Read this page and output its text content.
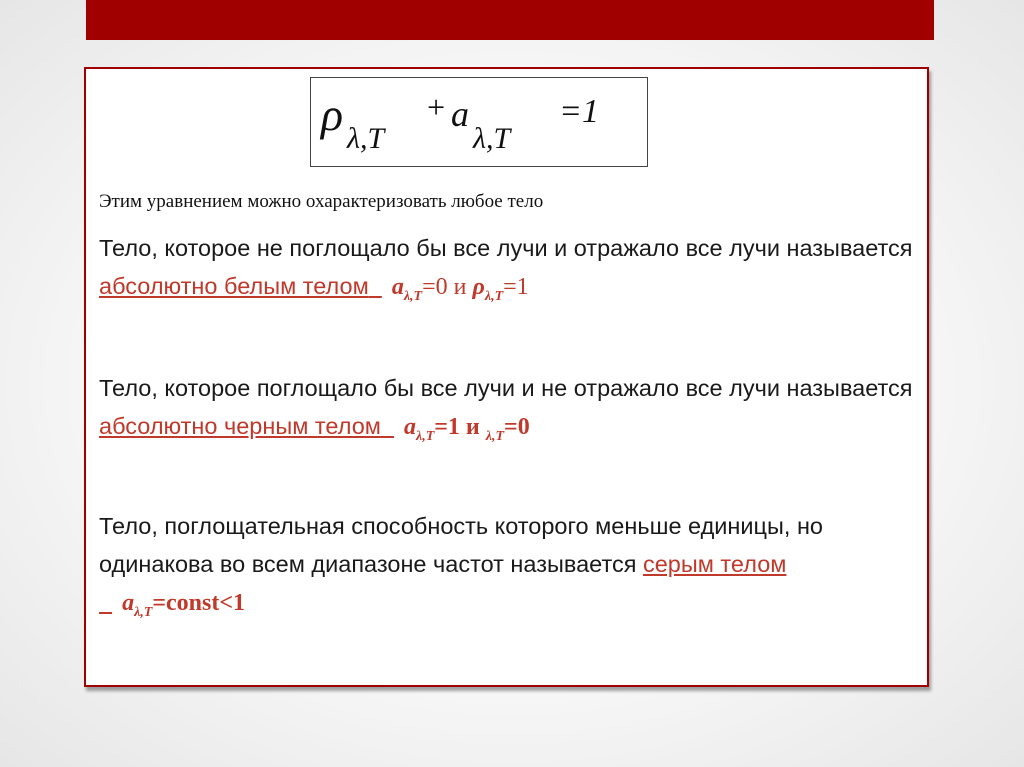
ρ λ,T
+ a
λ,T
=1
Этим уравнением можно охарактеризовать любое тело
Тело, которое не поглощало бы все лучи и отражало все лучи называется абсолютно белым телом $a_{\lambda,T}=0$ и $\rho_{\lambda,T}=1$
Тело, которое поглощало бы все лучи и не отражало все лучи называется абсолютно черным телом $a_{\lambda,T}=1$ и $_{\lambda,T}$=0
Тело, поглощательная способность которого меньше единицы, но одинакова во всем диапазоне частот называется серым телом  $a_{\lambda,T}=const<1$
